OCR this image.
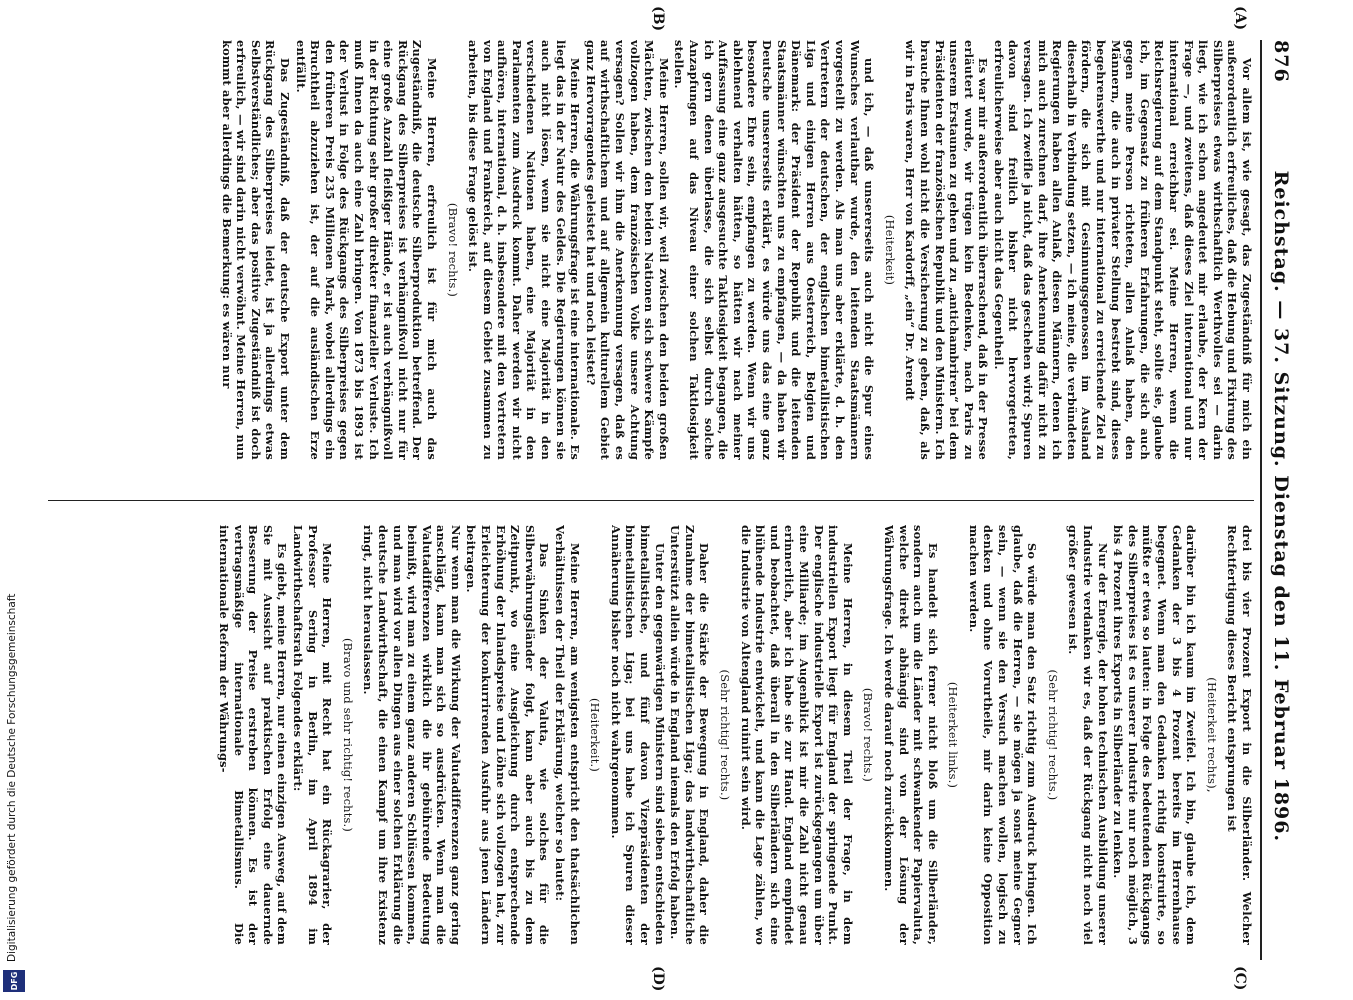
Digitalisierung gefördert durch die Deutsche Forschungsgemeinschaft
DFG
876
Reichstag. — 37. Sitzung. Dienstag den 11. Februar 1896.
(A)
(B)
(C)
(D)

Vor allem ist, wie gesagt, das Zugeständniß für mich ein außerordentlich erfreuliches, daß die Hebung und Fixirung des Silberpreises etwas wirthschaftlich Werthvolles sei — darin liegt, wie ich schon angedeutet mir erlaube, der Kern der Frage —, und zweitens, daß dieses Ziel international und nur international erreichbar sei. Meine Herren, wenn die Reichsregierung auf dem Standpunkt steht, sollte sie, glaube ich, im Gegensatz zu früheren Erfahrungen, die sich auch gegen meine Person richteten, allen Anlaß haben, den Männern, die auch in privater Stellung bestrebt sind, dieses begehrenswerthe und nur international zu erreichende Ziel zu fördern, die sich mit Gesinnungsgenossen im Ausland dieserhalb in Verbindung setzen, — ich meine, die verbündeten Regierungen haben allen Anlaß, diesen Männern, denen ich mich auch zurechnen darf, ihre Anerkennung dafür nicht zu versagen. Ich zweifle ja nicht, daß das geschehen wird; Spuren davon sind freilich bisher nicht hervorgetreten, erfreulicherweise aber auch nicht das Gegentheil.

Es war mir außerordentlich überraschend, daß in der Presse erläutert wurde, wir trügen kein Bedenken, nach Paris zu unserem Erstaunen zu gehen und zu „antichambriren“ bei dem Präsidenten der französischen Republik und den Ministern. Ich brauche Ihnen wohl nicht die Versicherung zu geben, daß, als wir in Paris waren, Herr von Kardorff, „ein“ Dr. Arendt

(Heiterkeit)

und ich, — daß unsererseits auch nicht die Spur eines Wunsches verlautbar wurde, den leitenden Staatsmännern vorgestellt zu werden. Als man uns aber erklärte, d. h. den Vertretern der deutschen, der englischen bimetallistischen Liga und einigen Herren aus Oesterreich, Belgien und Dänemark: der Präsident der Republik und die leitenden Staatsmänner wünschten uns zu empfangen, — da haben wir Deutsche unsererseits erklärt, es würde uns das eine ganz besondere Ehre sein, empfangen zu werden. Wenn wir uns ablehnend verhalten hätten, so hätten wir nach meiner Auffassung eine ganz ausgesuchte Taktlosigkeit begangen, die ich gern denen überlasse, die sich selbst durch solche Anzapfungen auf das Niveau einer solchen Taktlosigkeit stellen.

Meine Herren, sollen wir, weil zwischen den beiden großen Mächten, zwischen den beiden Nationen sich schwere Kämpfe vollzogen haben, dem französischen Volke unsere Achtung versagen? Sollen wir ihm die Anerkennung versagen, daß es auf wirthschaftlichem und auf allgemein kulturellem Gebiet ganz Hervorragendes geleistet hat und noch leistet?

Meine Herren, die Währungsfrage ist eine internationale. Es liegt das in der Natur des Geldes. Die Regierungen können sie auch nicht lösen, wenn sie nicht eine Majorität in den verschiedenen Nationen haben, eine Majorität in den Parlamenten zum Ausdruck kommt. Daher werden wir nicht aufhören, international, d. h. insbesondere mit den Vertretern von England und Frankreich, auf diesem Gebiet zusammen zu arbeiten, bis diese Frage gelöst ist.

(Bravo! rechts.)

Meine Herren, erfreulich ist für mich auch das Zugeständniß, die deutsche Silberproduktion betreffend. Der Rückgang des Silberpreises ist verhängnißvoll nicht nur für eine große Anzahl fleißiger Hände, er ist auch verhängnißvoll in der Richtung sehr großer direkter finanzieller Verluste. Ich muß Ihnen da auch eine Zahl bringen. Von 1873 bis 1893 ist der Verlust in Folge des Rückgangs des Silberpreises gegen den früheren Preis 235 Millionen Mark, wobei allerdings ein Bruchtheil abzuziehen ist, der auf die ausländischen Erze entfällt.

Das Zugeständniß, daß der deutsche Export unter dem Rückgang des Silberpreises leidet, ist ja allerdings etwas Selbstverständliches; aber das positive Zugeständniß ist doch erfreulich, — wir sind darin nicht verwöhnt. Meine Herren, nun kommt aber allerdings die Bemerkung: es wären nur

drei bis vier Prozent Export in die Silberländer. Welcher Rechtfertigung dieses Bericht entsprungen ist

(Heiterkeit rechts),

darüber bin ich kaum im Zweifel. Ich bin, glaube ich, dem Gedanken der 3 bis 4 Prozent bereits im Herrenhause begegnet. Wenn man den Gedanken richtig konstruirte, so müßte er etwa so lauten: in Folge des bedeutenden Rückgangs des Silberpreises ist es unserer Industrie nur noch möglich, 3 bis 4 Prozent ihres Exports in Silberländer zu lenken.

Nur der Energie, der hohen technischen Ausbildung unserer Industrie verdanken wir es, daß der Rückgang nicht noch viel größer gewesen ist.

(Sehr richtig! rechts.)

So würde man den Satz richtig zum Ausdruck bringen. Ich glaube, daß die Herren, — sie mögen ja sonst meine Gegner sein, — wenn sie den Versuch machen wollen, logisch zu denken und ohne Vorurtheile, mir darin keine Opposition machen werden.

(Heiterkeit links.)

Es handelt sich ferner nicht bloß um die Silberländer, sondern auch um die Länder mit schwankender Papiervaluta, welche direkt abhängig sind von der Lösung der Währungsfrage. Ich werde darauf noch zurückkommen.

(Bravo! rechts.)

Meine Herren, in diesem Theil der Frage, in dem industriellen Export liegt für England der springende Punkt. Der englische industrielle Export ist zurückgegangen um über eine Milliarde; im Augenblick ist mir die Zahl nicht genau erinnerlich, aber ich habe sie zur Hand. England empfindet und beobachtet, daß überall in den Silberländern sich eine blühende Industrie entwickelt, und kann die Lage zählen, wo die Industrie von Altengland ruinirt sein wird.

(Sehr richtig! rechts.)

Daher die Stärke der Bewegung in England, daher die Zunahme der bimetallistischen Liga; das landwirthschaftliche Unterstützt allein würde in England niemals den Erfolg haben.

Unter den gegenwärtigen Ministern sind sieben entschieden bimetallistische, und fünf davon Vizepräsidenten der bimetallistischen Liga; bei uns habe ich Spuren dieser Annäherung bisher noch nicht wahrgenommen.

(Heiterkeit.)

Meine Herren, am wenigsten entspricht den thatsächlichen Verhältnissen der Theil der Erklärung, welcher so lautet:

Das Sinken der Valuta, wie solches für die Silberwährungsländer folgt, kann aber auch bis zu dem Zeitpunkt, wo eine Ausgleichung durch entsprechende Erhöhung der Inlandspreise und Löhne sich vollzogen hat, zur Erleichterung der konkurrirenden Ausfuhr aus jenen Ländern beitragen.

Nur wenn man die Wirkung der Valutadifferenzen ganz gering anschlägt, kann man sich so ausdrücken. Wenn man die Valutadifferenzen wirklich die ihr gebührende Bedeutung beimißt, wird man zu einem ganz anderen Schlüssen kommen, und man wird vor allen Dingen aus einer solchen Erklärung die deutsche Landwirthschaft, die einen Kampf um ihre Existenz ringt, nicht herauslassen.

(Bravo und sehr richtig! rechts.)

Meine Herren, mit Recht hat ein Rückagrarier, der Professor Sering in Berlin, im April 1894 im Landwirthschaftsrath Folgendes erklärt:

Es giebt, meine Herren, nur einen einzigen Ausweg, auf dem Sie mit Aussicht auf praktischen Erfolg eine dauernde Besserung der Preise erstreben können. Es ist der vertragsmäßige internationale Bimetallismus. Die internationale Reform der Währungs-
